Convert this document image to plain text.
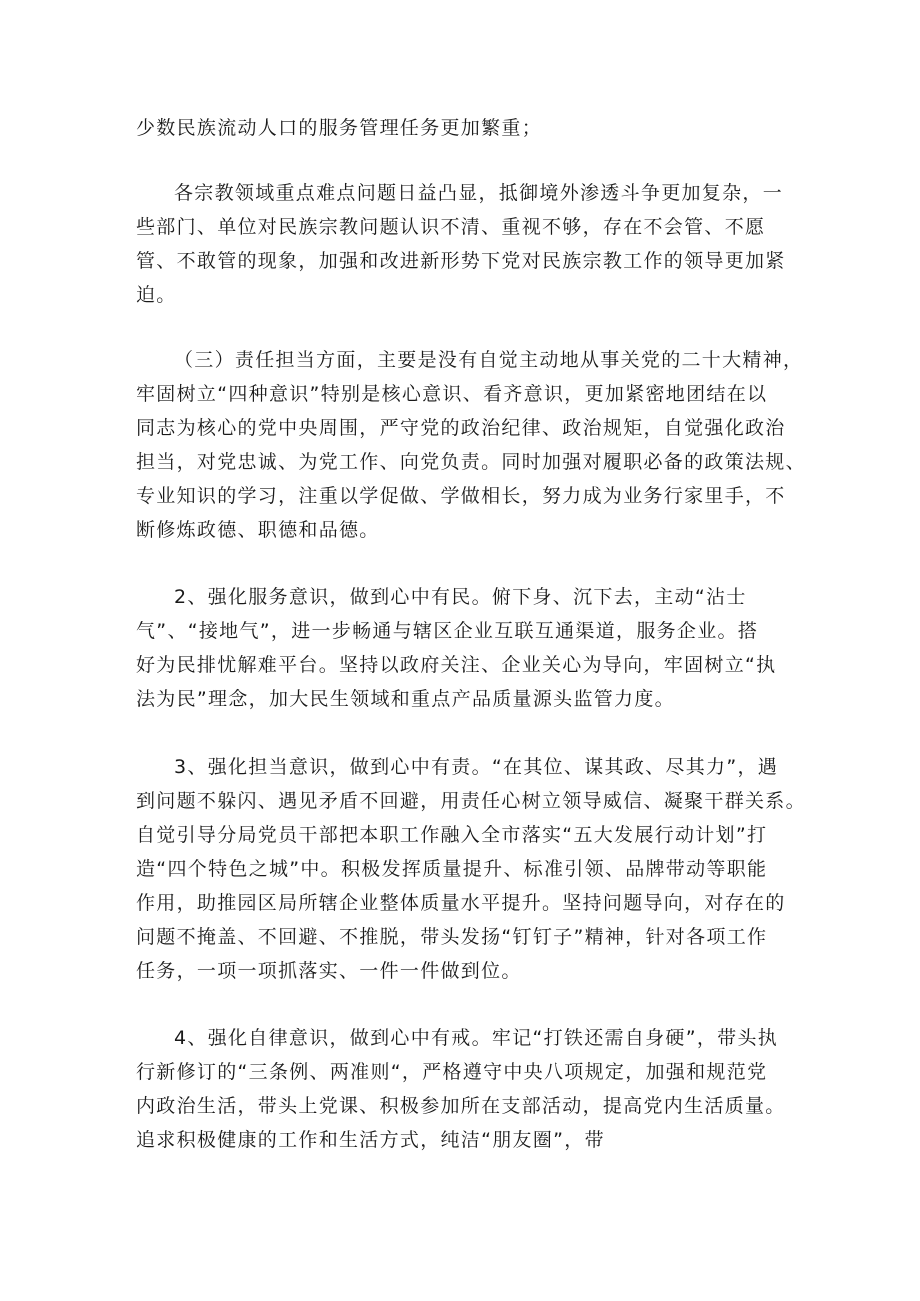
少数民族流动人口的服务管理任务更加繁重；
各宗教领域重点难点问题日益凸显，抵御境外渗透斗争更加复杂，一
些部门、单位对民族宗教问题认识不清、重视不够，存在不会管、不愿
管、不敢管的现象，加强和改进新形势下党对民族宗教工作的领导更加紧
迫。
（三）责任担当方面，主要是没有自觉主动地从事关党的二十大精神，
牢固树立“四种意识”特别是核心意识、看齐意识，更加紧密地团结在以
同志为核心的党中央周围，严守党的政治纪律、政治规矩，自觉强化政治
担当，对党忠诚、为党工作、向党负责。同时加强对履职必备的政策法规、
专业知识的学习，注重以学促做、学做相长，努力成为业务行家里手，不
断修炼政德、职德和品德。
2、强化服务意识，做到心中有民。俯下身、沉下去，主动“沾士
气”、“接地气”，进一步畅通与辖区企业互联互通渠道，服务企业。搭
好为民排忧解难平台。坚持以政府关注、企业关心为导向，牢固树立“执
法为民”理念，加大民生领域和重点产品质量源头监管力度。
3、强化担当意识，做到心中有责。“在其位、谋其政、尽其力”，遇
到问题不躲闪、遇见矛盾不回避，用责任心树立领导威信、凝聚干群关系。
自觉引导分局党员干部把本职工作融入全市落实“五大发展行动计划”打
造“四个特色之城”中。积极发挥质量提升、标准引领、品牌带动等职能
作用，助推园区局所辖企业整体质量水平提升。坚持问题导向，对存在的
问题不掩盖、不回避、不推脱，带头发扬“钉钉子”精神，针对各项工作
任务，一项一项抓落实、一件一件做到位。
4、强化自律意识，做到心中有戒。牢记“打铁还需自身硬”，带头执
行新修订的“三条例、两准则“，严格遵守中央八项规定，加强和规范党
内政治生活，带头上党课、积极参加所在支部活动，提高党内生活质量。
追求积极健康的工作和生活方式，纯洁“朋友圈”，带
